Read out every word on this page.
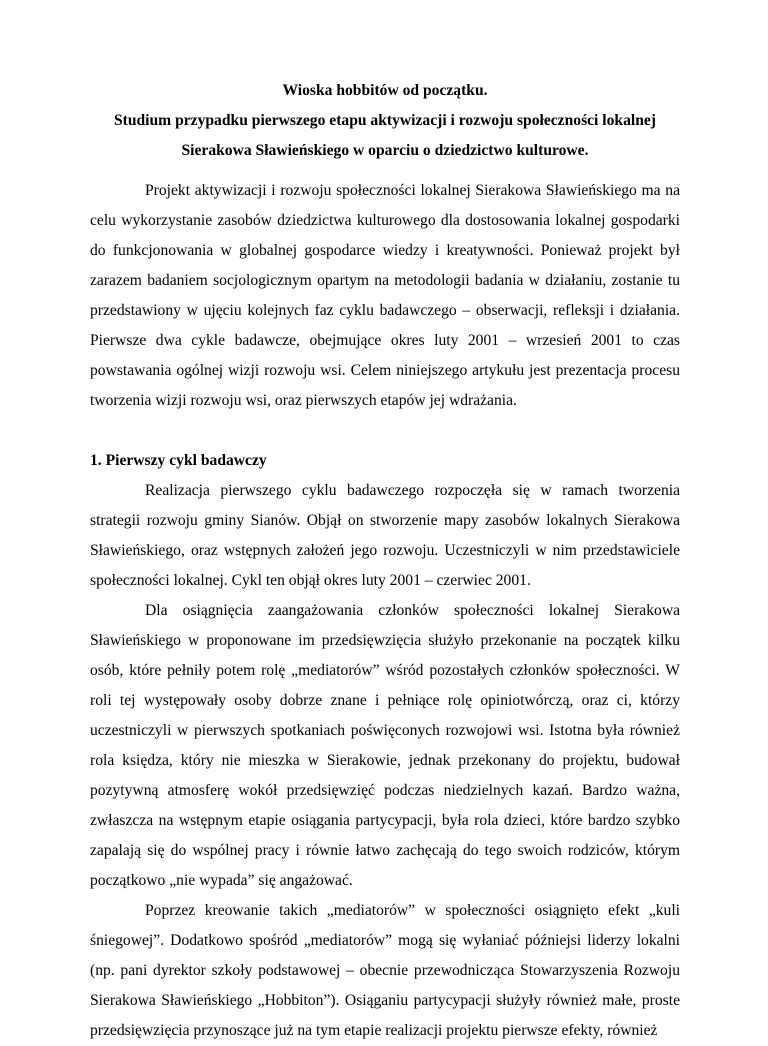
Wioska hobbitów od początku.
Studium przypadku pierwszego etapu aktywizacji i rozwoju społeczności lokalnej
Sierakowa Sławieńskiego w oparciu o dziedzictwo kulturowe.

Projekt aktywizacji i rozwoju społeczności lokalnej Sierakowa Sławieńskiego ma na celu wykorzystanie zasobów dziedzictwa kulturowego dla dostosowania lokalnej gospodarki do funkcjonowania w globalnej gospodarce wiedzy i kreatywności. Ponieważ projekt był zarazem badaniem socjologicznym opartym na metodologii badania w działaniu, zostanie tu przedstawiony w ujęciu kolejnych faz cyklu badawczego – obserwacji, refleksji i działania. Pierwsze dwa cykle badawcze, obejmujące okres luty 2001 – wrzesień 2001 to czas powstawania ogólnej wizji rozwoju wsi. Celem niniejszego artykułu jest prezentacja procesu tworzenia wizji rozwoju wsi, oraz pierwszych etapów jej wdrażania.

1. Pierwszy cykl badawczy

Realizacja pierwszego cyklu badawczego rozpoczęła się w ramach tworzenia strategii rozwoju gminy Sianów. Objął on stworzenie mapy zasobów lokalnych Sierakowa Sławieńskiego, oraz wstępnych założeń jego rozwoju. Uczestniczyli w nim przedstawiciele społeczności lokalnej. Cykl ten objął okres luty 2001 – czerwiec 2001.

Dla osiągnięcia zaangażowania członków społeczności lokalnej Sierakowa Sławieńskiego w proponowane im przedsięwzięcia służyło przekonanie na początek kilku osób, które pełniły potem rolę „mediatorów” wśród pozostałych członków społeczności. W roli tej występowały osoby dobrze znane i pełniące rolę opiniotwórczą, oraz ci, którzy uczestniczyli w pierwszych spotkaniach poświęconych rozwojowi wsi. Istotna była również rola księdza, który nie mieszka w Sierakowie, jednak przekonany do projektu, budował pozytywną atmosferę wokół przedsięwzięć podczas niedzielnych kazań. Bardzo ważna, zwłaszcza na wstępnym etapie osiągania partycypacji, była rola dzieci, które bardzo szybko zapalają się do wspólnej pracy i równie łatwo zachęcają do tego swoich rodziców, którym początkowo „nie wypada” się angażować.

Poprzez kreowanie takich „mediatorów” w społeczności osiągnięto efekt „kuli śniegowej”. Dodatkowo spośród „mediatorów” mogą się wyłaniać późniejsi liderzy lokalni (np. pani dyrektor szkoły podstawowej – obecnie przewodnicząca Stowarzyszenia Rozwoju Sierakowa Sławieńskiego „Hobbiton”). Osiąganiu partycypacji służyły również małe, proste przedsięwzięcia przynoszące już na tym etapie realizacji projektu pierwsze efekty, również
